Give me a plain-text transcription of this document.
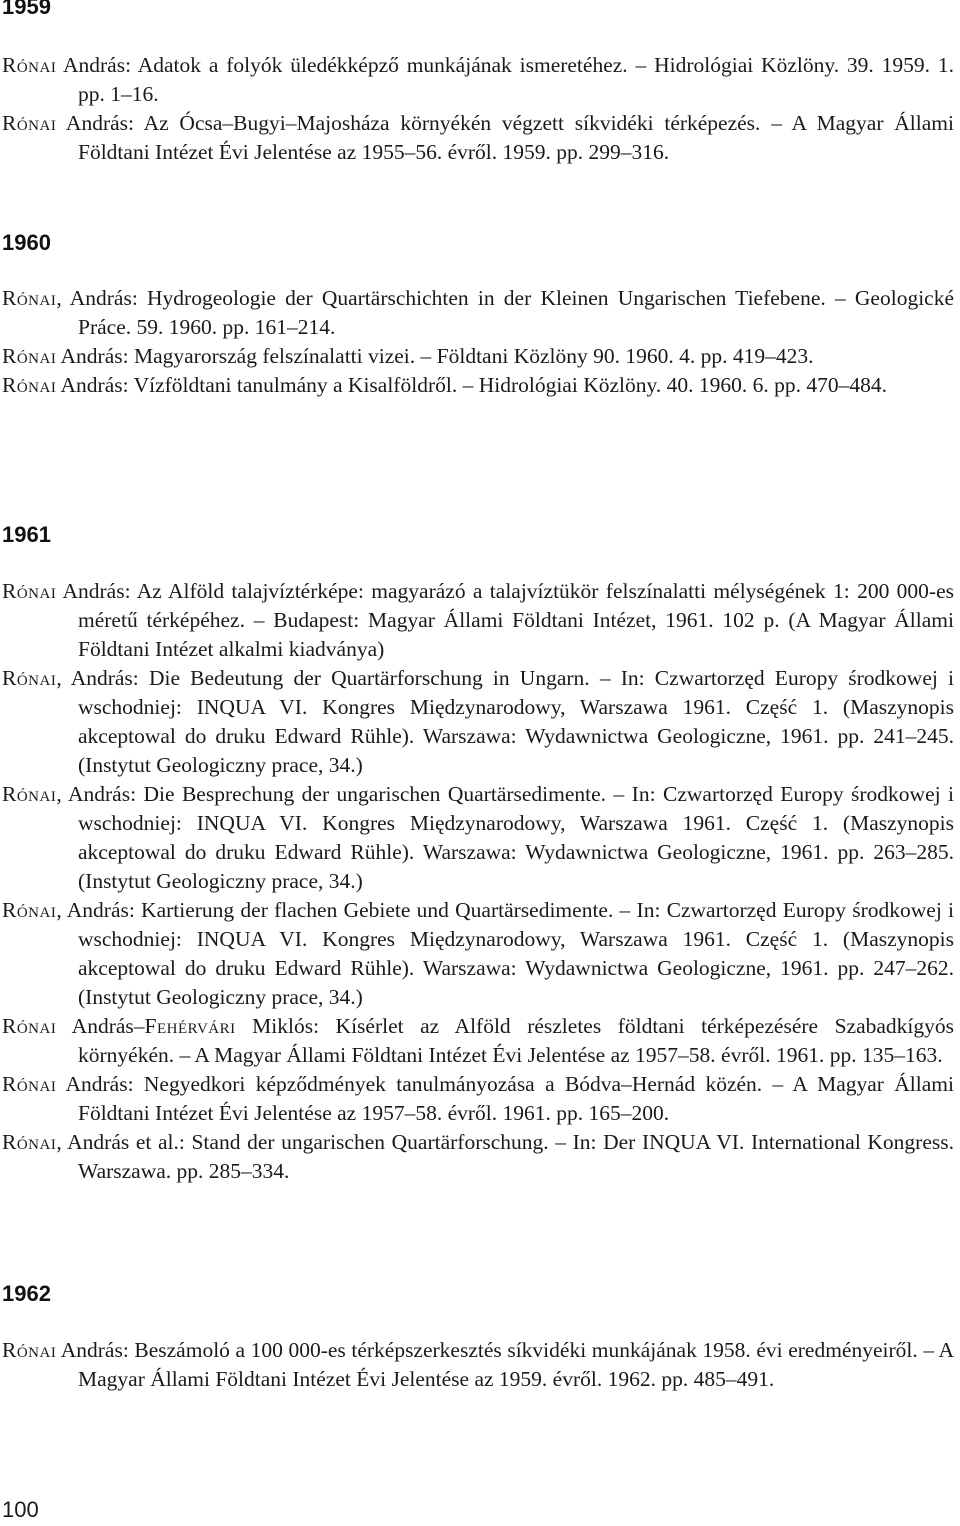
1959

Rónai András: Adatok a folyók üledékképző munkájának ismeretéhez. – Hidrológiai Közlöny. 39. 1959. 1. pp. 1–16.

Rónai András: Az Ócsa–Bugyi–Majosháza környékén végzett síkvidéki térképezés. – A Magyar Állami Földtani Intézet Évi Jelentése az 1955–56. évről. 1959. pp. 299–316.

1960

Rónai, András: Hydrogeologie der Quartärschichten in der Kleinen Ungarischen Tiefebene. – Geologické Práce. 59. 1960. pp. 161–214.

Rónai András: Magyarország felszínalatti vizei. – Földtani Közlöny 90. 1960. 4. pp. 419–423.

Rónai András: Vízföldtani tanulmány a Kisalföldről. – Hidrológiai Közlöny. 40. 1960. 6. pp. 470–484.

1961

Rónai András: Az Alföld talajvíztérképe: magyarázó a talajvíztükör felszínalatti mélységének 1: 200 000-es méretű térképéhez. – Budapest: Magyar Állami Földtani Intézet, 1961. 102 p. (A Magyar Állami Földtani Intézet alkalmi kiadványa)

Rónai, András: Die Bedeutung der Quartärforschung in Ungarn. – In: Czwartorzęd Europy środkowej i wschodniej: INQUA VI. Kongres Międzynarodowy, Warszawa 1961. Część 1. (Maszynopis akceptowal do druku Edward Rühle). Warszawa: Wydawnictwa Geologiczne, 1961. pp. 241–245. (Instytut Geologiczny prace, 34.)

Rónai, András: Die Besprechung der ungarischen Quartärsedimente. – In: Czwartorzęd Europy środkowej i wschodniej: INQUA VI. Kongres Międzynarodowy, Warszawa 1961. Część 1. (Maszynopis akceptowal do druku Edward Rühle). Warszawa: Wydawnictwa Geologiczne, 1961. pp. 263–285. (Instytut Geologiczny prace, 34.)

Rónai, András: Kartierung der flachen Gebiete und Quartärsedimente. – In: Czwartorzęd Europy środkowej i wschodniej: INQUA VI. Kongres Międzynarodowy, Warszawa 1961. Część 1. (Maszynopis akceptowal do druku Edward Rühle). Warszawa: Wydawnictwa Geologiczne, 1961. pp. 247–262. (Instytut Geologiczny prace, 34.)

Rónai András–Fehérvári Miklós: Kísérlet az Alföld részletes földtani térképezésére Szabadkígyós környékén. – A Magyar Állami Földtani Intézet Évi Jelentése az 1957–58. évről. 1961. pp. 135–163.

Rónai András: Negyedkori képződmények tanulmányozása a Bódva–Hernád közén. – A Magyar Állami Földtani Intézet Évi Jelentése az 1957–58. évről. 1961. pp. 165–200.

Rónai, András et al.: Stand der ungarischen Quartärforschung. – In: Der INQUA VI. International Kongress. Warszawa. pp. 285–334.

1962

Rónai András: Beszámoló a 100 000-es térképszerkesztés síkvidéki munkájának 1958. évi eredményeiről. – A Magyar Állami Földtani Intézet Évi Jelentése az 1959. évről. 1962. pp. 485–491.

100
